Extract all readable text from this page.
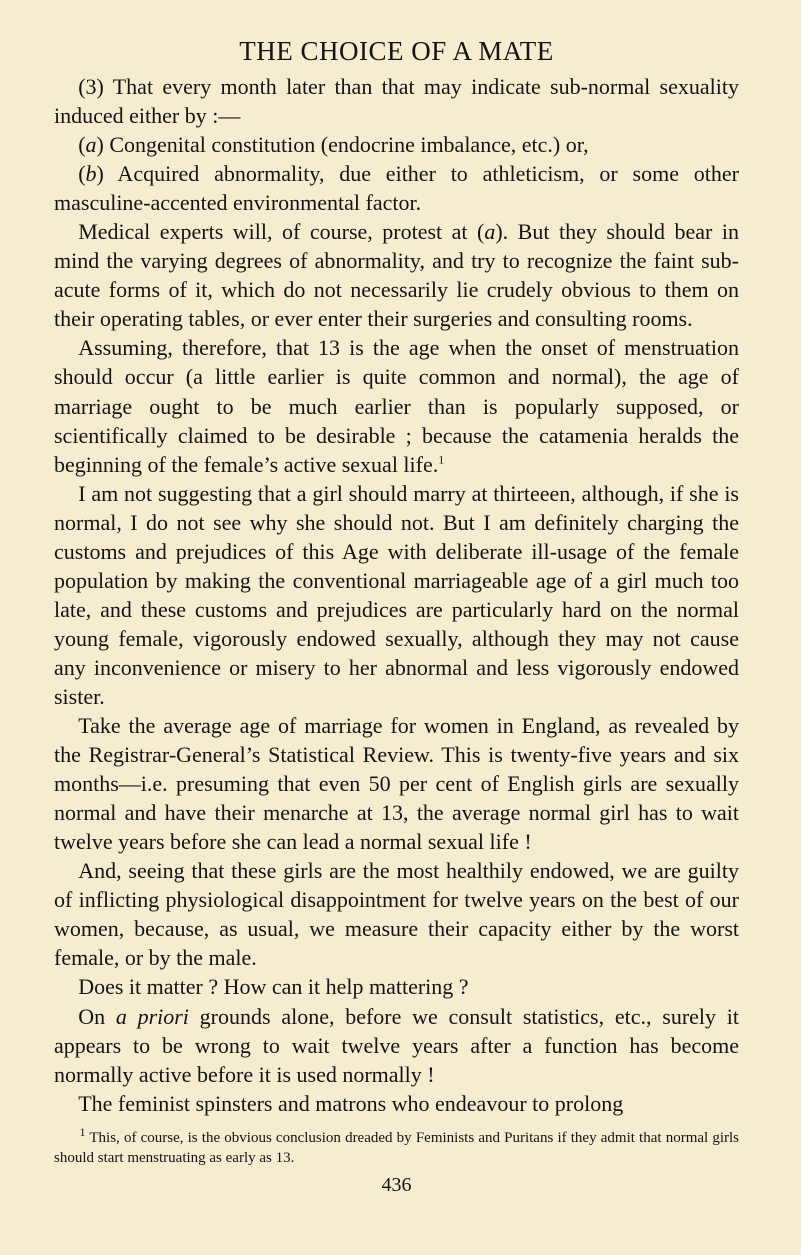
THE CHOICE OF A MATE

(3) That every month later than that may indicate sub-normal sexuality induced either by :—

(a) Congenital constitution (endocrine imbalance, etc.) or,

(b) Acquired abnormality, due either to athleticism, or some other masculine-accented environmental factor.

Medical experts will, of course, protest at (a). But they should bear in mind the varying degrees of abnormality, and try to recognize the faint sub-acute forms of it, which do not necessarily lie crudely obvious to them on their operating tables, or ever enter their surgeries and consulting rooms.

Assuming, therefore, that 13 is the age when the onset of menstruation should occur (a little earlier is quite common and normal), the age of marriage ought to be much earlier than is popularly supposed, or scientifically claimed to be desirable ; because the catamenia heralds the beginning of the female’s active sexual life.$^1$

I am not suggesting that a girl should marry at thirteeen, although, if she is normal, I do not see why she should not. But I am definitely charging the customs and prejudices of this Age with deliberate ill-usage of the female population by making the conventional marriageable age of a girl much too late, and these customs and prejudices are particularly hard on the normal young female, vigorously endowed sexually, although they may not cause any inconvenience or misery to her abnormal and less vigorously endowed sister.

Take the average age of marriage for women in England, as revealed by the Registrar-General’s Statistical Review. This is twenty-five years and six months—i.e. presuming that even 50 per cent of English girls are sexually normal and have their menarche at 13, the average normal girl has to wait twelve years before she can lead a normal sexual life !

And, seeing that these girls are the most healthily endowed, we are guilty of inflicting physiological disappointment for twelve years on the best of our women, because, as usual, we measure their capacity either by the worst female, or by the male.

Does it matter ? How can it help mattering ?

On a priori grounds alone, before we consult statistics, etc., surely it appears to be wrong to wait twelve years after a function has become normally active before it is used normally !

The feminist spinsters and matrons who endeavour to prolong

$^1$ This, of course, is the obvious conclusion dreaded by Feminists and Puritans if they admit that normal girls should start menstruating as early as 13.

436
